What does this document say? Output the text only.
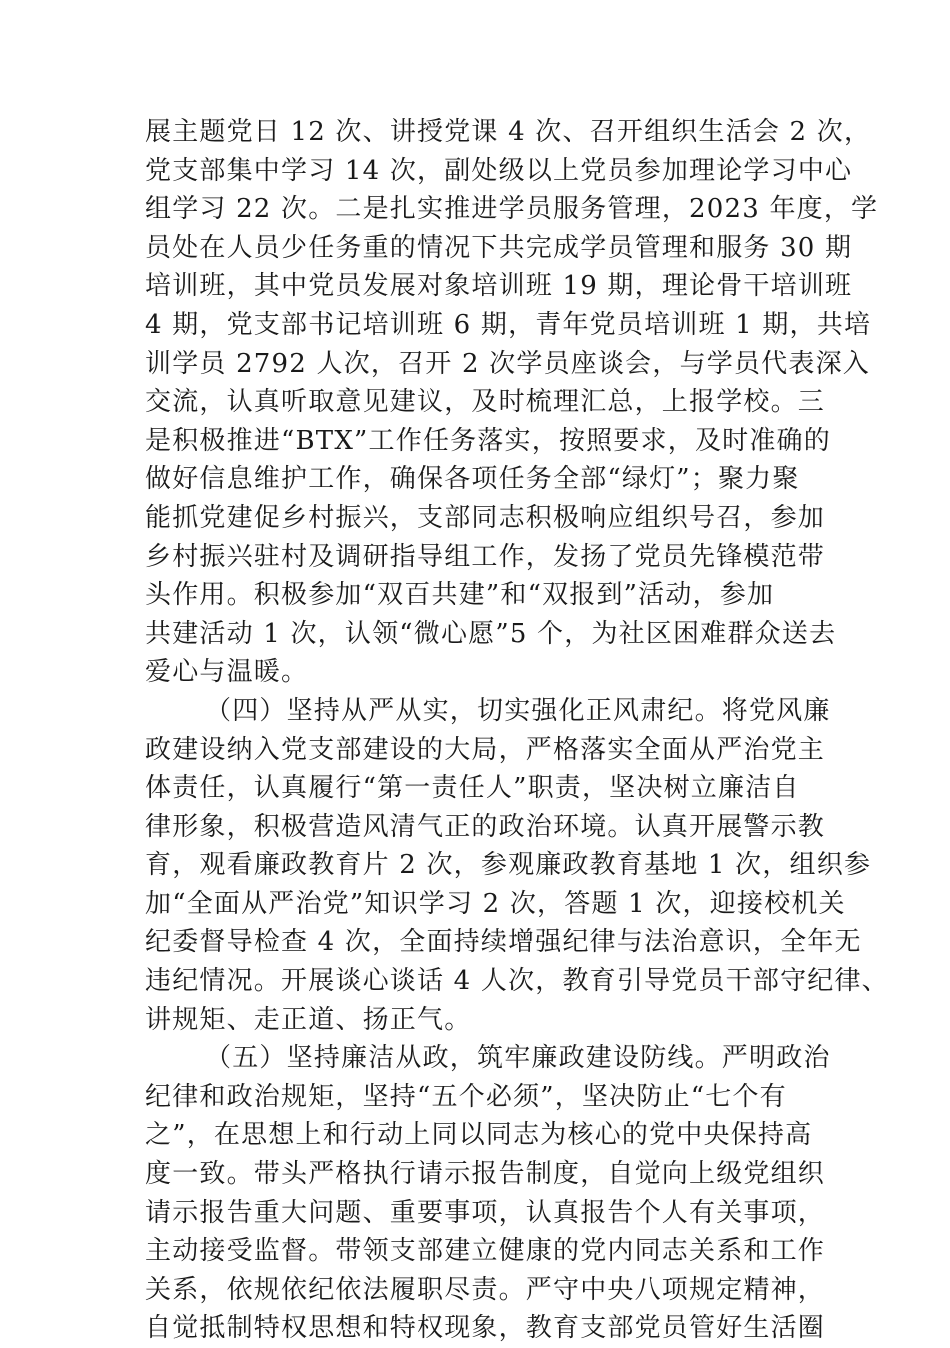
展主题党日 12 次、讲授党课 4 次、召开组织生活会 2 次，
党支部集中学习 14 次，副处级以上党员参加理论学习中心
组学习 22 次。二是扎实推进学员服务管理，2023 年度，学
员处在人员少任务重的情况下共完成学员管理和服务 30 期
培训班，其中党员发展对象培训班 19 期，理论骨干培训班
4 期，党支部书记培训班 6 期，青年党员培训班 1 期，共培
训学员 2792 人次，召开 2 次学员座谈会，与学员代表深入
交流，认真听取意见建议，及时梳理汇总，上报学校。三
是积极推进“BTX”工作任务落实，按照要求，及时准确的
做好信息维护工作，确保各项任务全部“绿灯”；聚力聚
能抓党建促乡村振兴，支部同志积极响应组织号召，参加
乡村振兴驻村及调研指导组工作，发扬了党员先锋模范带
头作用。积极参加“双百共建”和“双报到”活动，参加
共建活动 1 次，认领“微心愿”5 个，为社区困难群众送去
爱心与温暖。
（四）坚持从严从实，切实强化正风肃纪。将党风廉
政建设纳入党支部建设的大局，严格落实全面从严治党主
体责任，认真履行“第一责任人”职责，坚决树立廉洁自
律形象，积极营造风清气正的政治环境。认真开展警示教
育，观看廉政教育片 2 次，参观廉政教育基地 1 次，组织参
加“全面从严治党”知识学习 2 次，答题 1 次，迎接校机关
纪委督导检查 4 次，全面持续增强纪律与法治意识，全年无
违纪情况。开展谈心谈话 4 人次，教育引导党员干部守纪律、
讲规矩、走正道、扬正气。
（五）坚持廉洁从政，筑牢廉政建设防线。严明政治
纪律和政治规矩，坚持“五个必须”，坚决防止“七个有
之”，在思想上和行动上同以同志为核心的党中央保持高
度一致。带头严格执行请示报告制度，自觉向上级党组织
请示报告重大问题、重要事项，认真报告个人有关事项，
主动接受监督。带领支部建立健康的党内同志关系和工作
关系，依规依纪依法履职尽责。严守中央八项规定精神，
自觉抵制特权思想和特权现象，教育支部党员管好生活圈
